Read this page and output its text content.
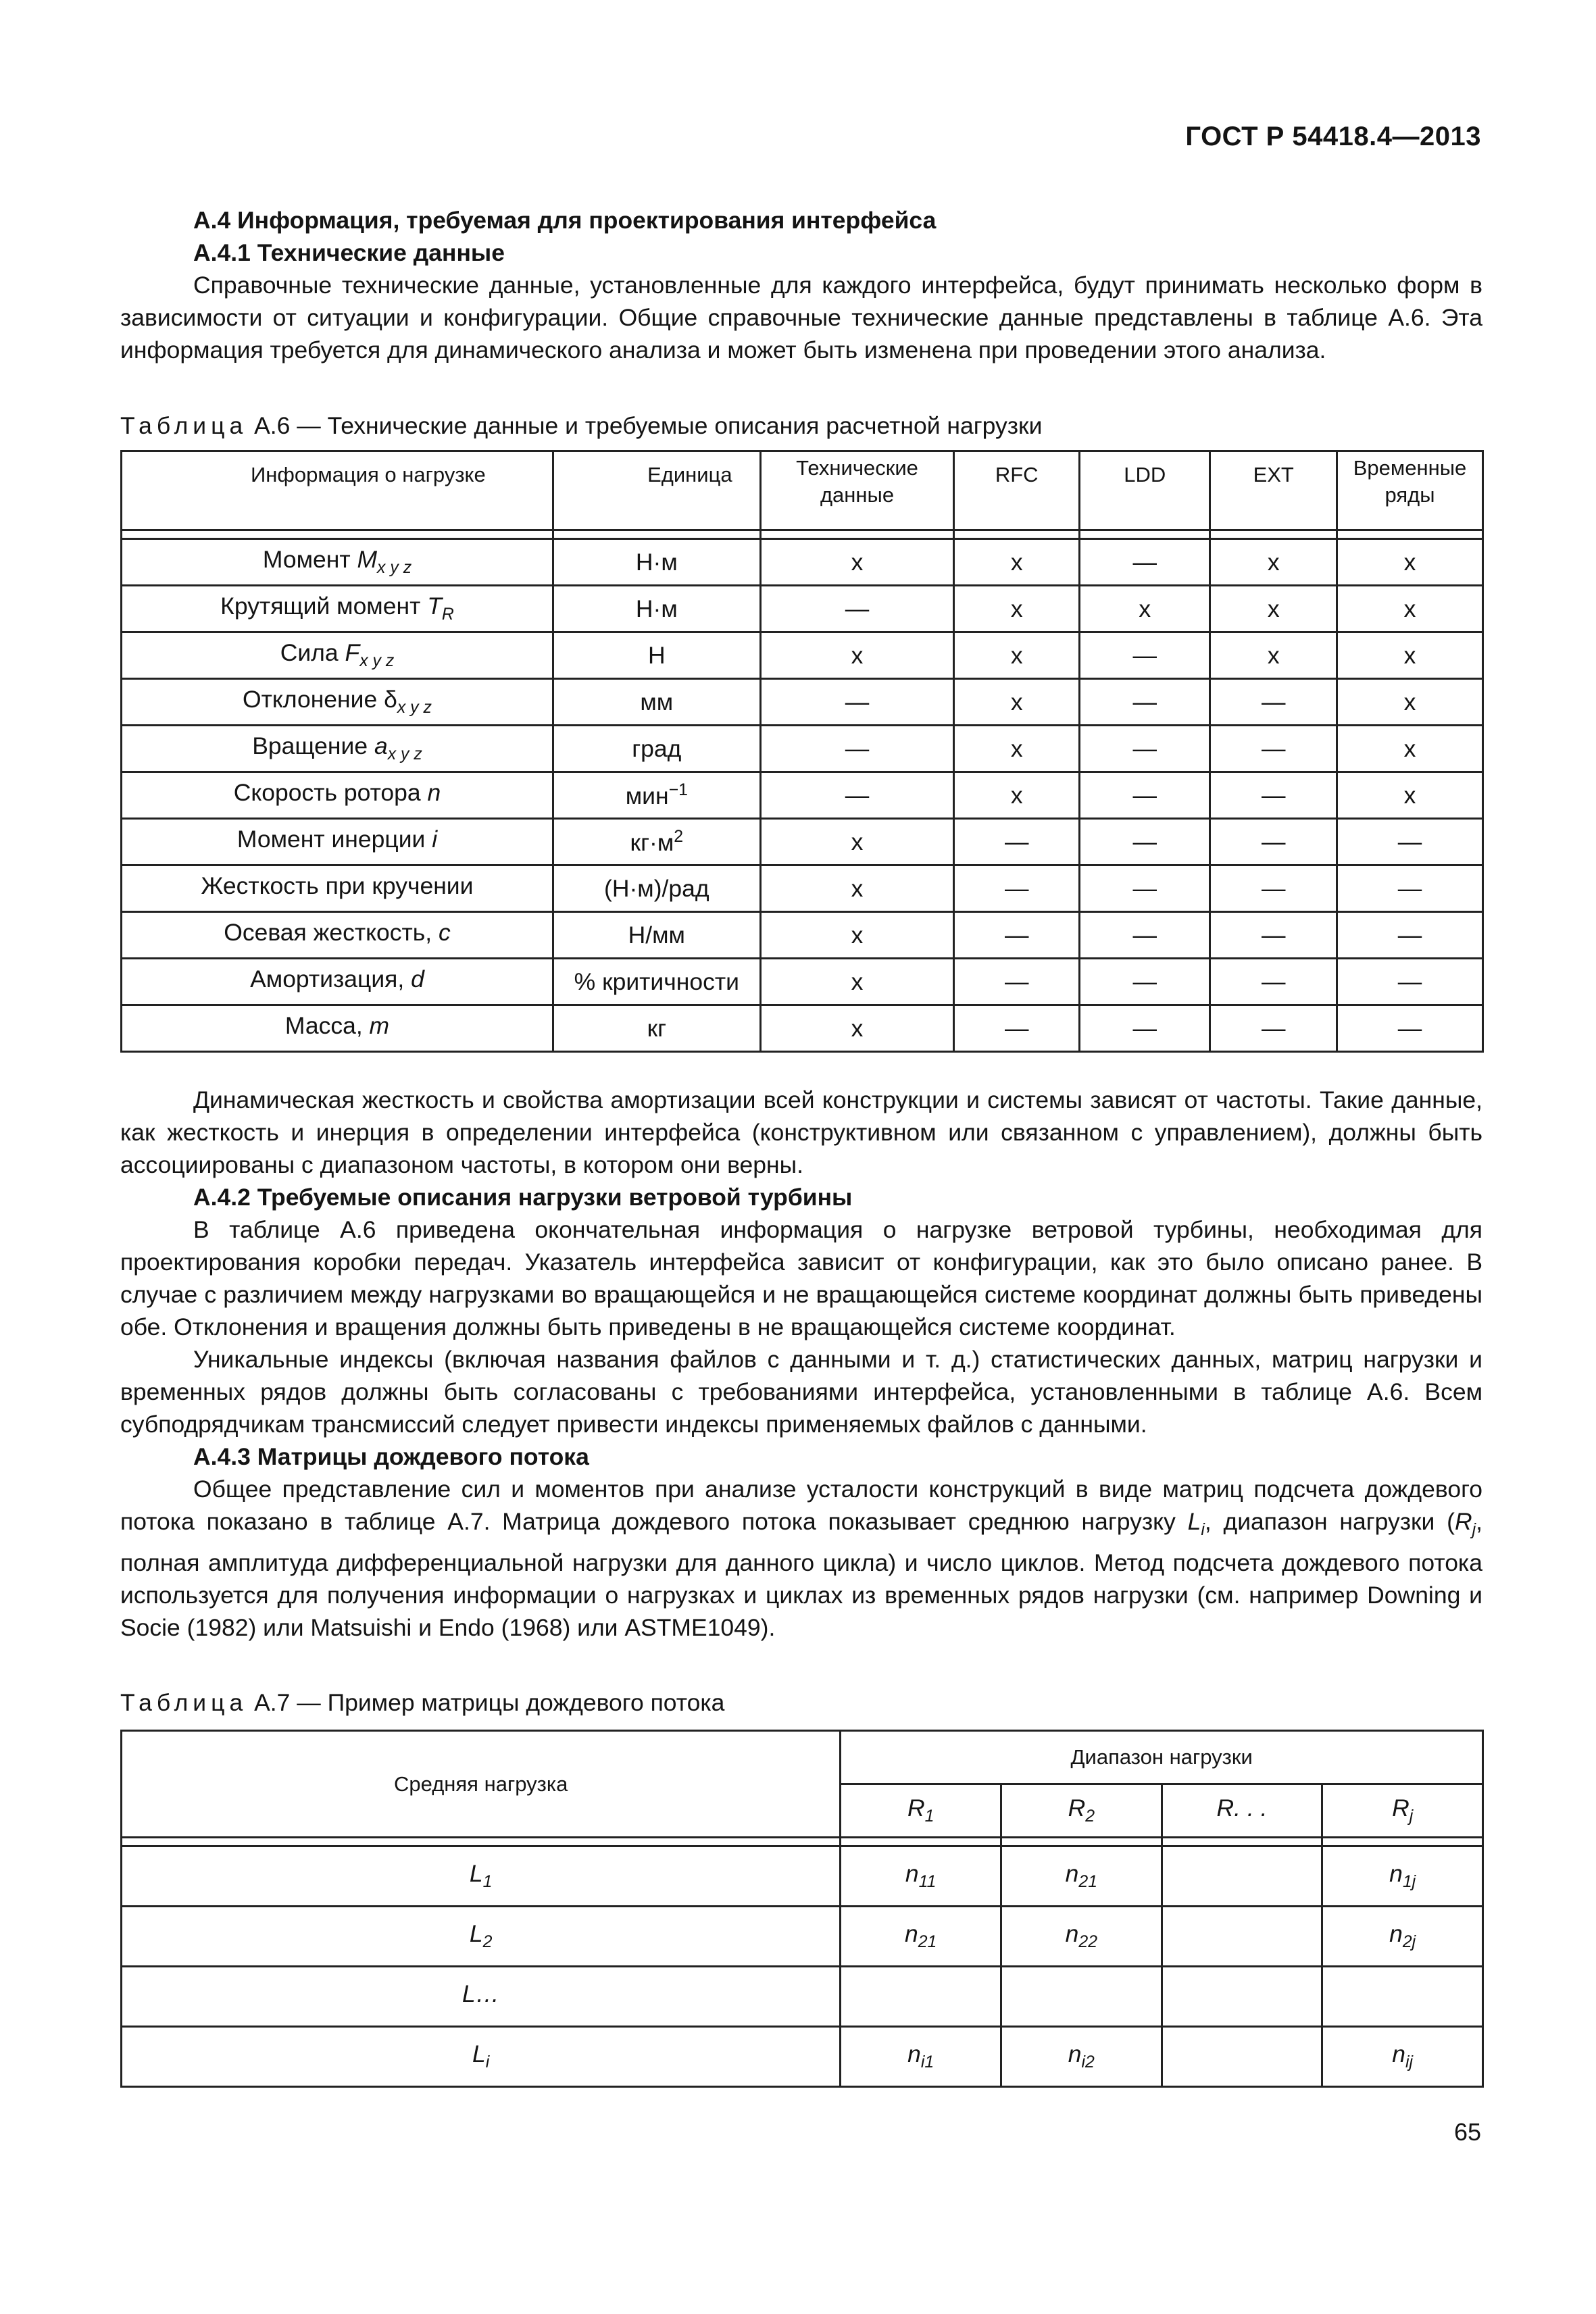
ГОСТ Р 54418.4—2013
А.4 Информация, требуемая для проектирования интерфейса
А.4.1 Технические данные

Справочные технические данные, установленные для каждого интерфейса, будут принимать несколько форм в зависимости от ситуации и конфигурации. Общие справочные технические данные представлены в таблице А.6. Эта информация требуется для динамического анализа и может быть изменена при проведении этого анализа.

Таблица А.6 — Технические данные и требуемые описания расчетной нагрузки
Информация о нагрузке	Единица	Технические данные	RFC	LDD	EXT	Временные ряды

Момент $M_{x y z}$	Н·м	x	x	—	x	x
Крутящий момент $T_R$	Н·м	—	x	x	x	x
Сила $F_{x y z}$	Н	x	x	—	x	x
Отклонение $\delta_{x y z}$	мм	—	x	—	—	x
Вращение $a_{x y z}$	град	—	x	—	—	x
Скорость ротора n	мин$^{-1}$	—	x	—	—	x
Момент инерции i	$кг\cdot м^2$	x	—	—	—	—
Жесткость при кручении	(Н·м)/рад	x	—	—	—	—
Осевая жесткость, c	Н/мм	x	—	—	—	—
Амортизация, d	% критичности	x	—	—	—	—
Масса, m	кг	x	—	—	—	—

Динамическая жесткость и свойства амортизации всей конструкции и системы зависят от частоты. Такие данные, как жесткость и инерция в определении интерфейса (конструктивном или связанном с управлением), должны быть ассоциированы с диапазоном частоты, в котором они верны.

А.4.2 Требуемые описания нагрузки ветровой турбины

В таблице А.6 приведена окончательная информация о нагрузке ветровой турбины, необходимая для проектирования коробки передач. Указатель интерфейса зависит от конфигурации, как это было описано ранее. В случае с различием между нагрузками во вращающейся и не вращающейся системе координат должны быть приведены обе. Отклонения и вращения должны быть приведены в не вращающейся системе координат.

Уникальные индексы (включая названия файлов с данными и т. д.) статистических данных, матриц нагрузки и временных рядов должны быть согласованы с требованиями интерфейса, установленными в таблице А.6. Всем субподрядчикам трансмиссий следует привести индексы применяемых файлов с данными.

А.4.3 Матрицы дождевого потока

Общее представление сил и моментов при анализе усталости конструкций в виде матриц подсчета дождевого потока показано в таблице А.7. Матрица дождевого потока показывает среднюю нагрузку $L_i$, диапазон нагрузки ($R_j$, полная амплитуда дифференциальной нагрузки для данного цикла) и число циклов. Метод подсчета дождевого потока используется для получения информации о нагрузках и циклах из временных рядов нагрузки (см. например Downing и Socie (1982) или Matsuishi и Endo (1968) или ASTME1049).

Таблица А.7 — Пример матрицы дождевого потока
Средняя нагрузка	Диапазон нагрузки			
	$R_1$	$R_2$	R. . .	$R_j$

$L_1$	$n_{11}$	$n_{21}$		$n_{1j}$
$L_2$	$n_{21}$	$n_{22}$		$n_{2j}$
L…				
$L_i$	$n_{i1}$	$n_{i2}$		$n_{ij}$
65
